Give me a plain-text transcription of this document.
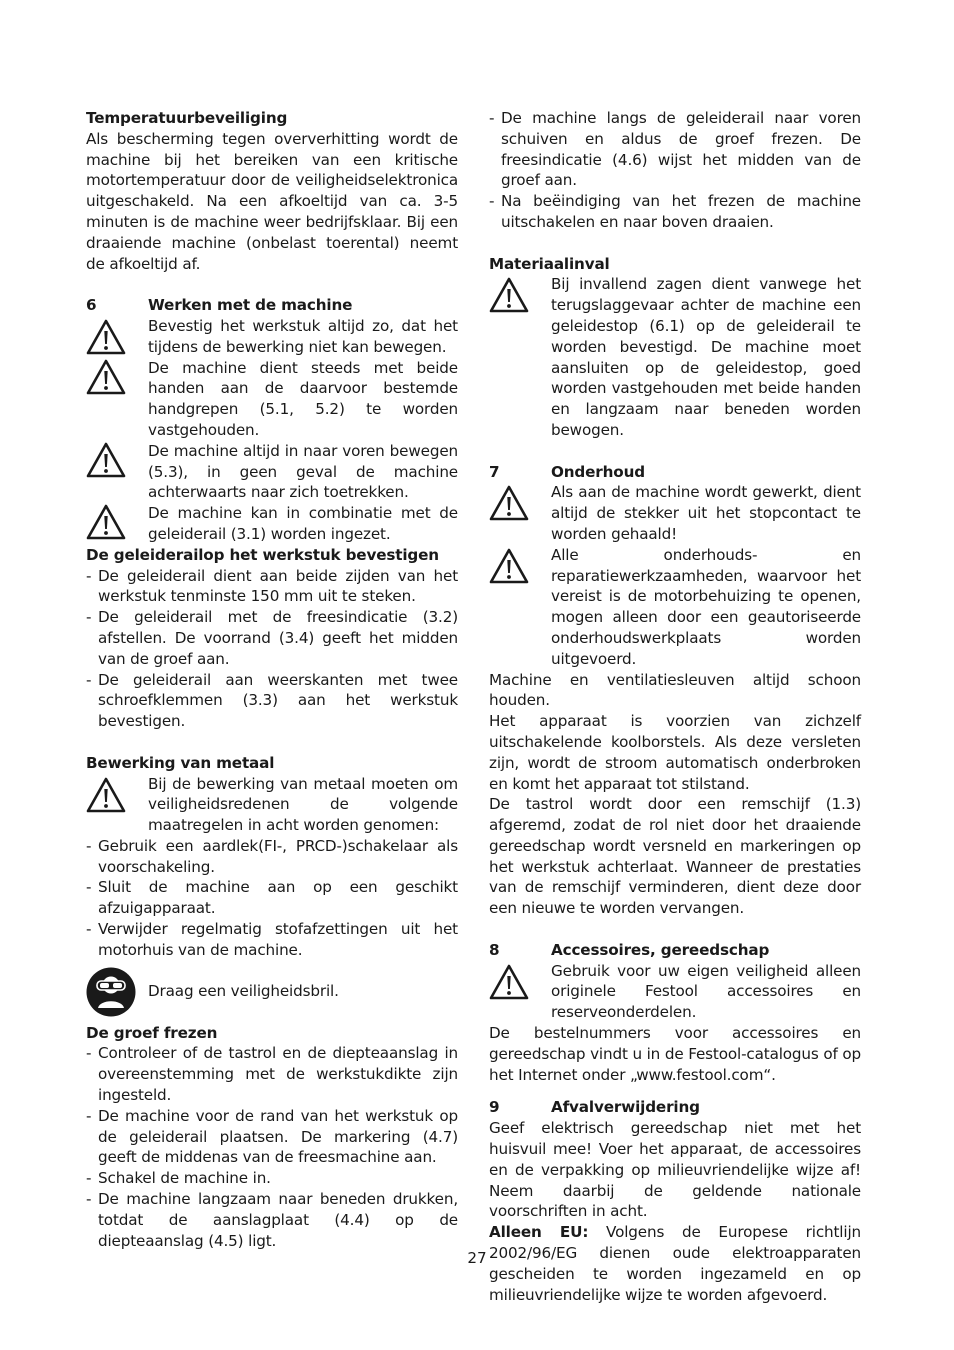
Temperatuurbeveiliging

Als bescherming tegen oververhitting wordt de machine bij het bereiken van een kritische motortemperatuur door de veiligheidselektronica uitgeschakeld. Na een afkoeltijd van ca. 3-5 minuten is de machine weer bedrijfsklaar. Bij een draaiende machine (onbelast toerental) neemt de afkoeltijd af.

6	Werken met de machine

Bevestig het werkstuk altijd zo, dat het tijdens de bewerking niet kan bewegen.

De machine dient steeds met beide handen aan de daarvoor bestemde handgrepen (5.1, 5.2) te worden vastgehouden.

De machine altijd in naar voren bewegen (5.3), in geen geval de machine achterwaarts naar zich toetrekken.

De machine kan in combinatie met de geleiderail (3.1) worden ingezet.

De geleiderailop het werkstuk bevestigen

- De geleiderail dient aan beide zijden van het werkstuk tenminste 150 mm uit te steken.
- De geleiderail met de freesindicatie (3.2) afstellen. De voorrand (3.4) geeft het midden van de groef aan.
- De geleiderail aan weerskanten met twee schroefklemmen (3.3) aan het werkstuk bevestigen.

Bewerking van metaal

Bij de bewerking van metaal moeten om veiligheidsredenen de volgende maatregelen in acht worden genomen:

- Gebruik een aardlek(FI-, PRCD-)schakelaar als voorschakeling.
- Sluit de machine aan op een geschikt afzuigapparaat.
- Verwijder regelmatig stofafzettingen uit het motorhuis van de machine.

Draag een veiligheidsbril.

De groef frezen

- Controleer of de tastrol en de diepteaanslag in overeenstemming met de werkstukdikte zijn ingesteld.
- De machine voor de rand van het werkstuk op de geleiderail plaatsen. De markering (4.7) geeft de middenas van de freesmachine aan.
- Schakel de machine in.
- De machine langzaam naar beneden drukken, totdat de aanslagplaat (4.4) op de diepteaanslag (4.5) ligt.
- De machine langs de geleiderail naar voren schuiven en aldus de groef frezen. De freesindicatie (4.6) wijst het midden van de groef aan.
- Na beëindiging van het frezen de machine uitschakelen en naar boven draaien.

Materiaalinval

Bij invallend zagen dient vanwege het terugslaggevaar achter de machine een geleidestop (6.1) op de geleiderail te worden bevestigd. De machine moet aansluiten op de geleidestop, goed worden vastgehouden met beide handen en langzaam naar beneden worden bewogen.

7	Onderhoud

Als aan de machine wordt gewerkt, dient altijd de stekker uit het stopcontact te worden gehaald!

Alle onderhouds- en reparatiewerkzaamheden, waarvoor het vereist is de motorbehuizing te openen, mogen alleen door een geautoriseerde onderhoudswerkplaats worden uitgevoerd.

Machine en ventilatiesleuven altijd schoon houden.

Het apparaat is voorzien van zichzelf uitschakelende koolborstels. Als deze versleten zijn, wordt de stroom automatisch onderbroken en komt het apparaat tot stilstand.

De tastrol wordt door een remschijf (1.3) afgeremd, zodat de rol niet door het draaiende gereedschap wordt versneld en markeringen op het werkstuk achterlaat. Wanneer de prestaties van de remschijf verminderen, dient deze door een nieuwe te worden vervangen.

8	Accessoires, gereedschap

Gebruik voor uw eigen veiligheid alleen originele Festool accessoires en reserveonderdelen.

De bestelnummers voor accessoires en gereedschap vindt u in de Festool-catalogus of op het Internet onder „www.festool.com“.

9	Afvalverwijdering

Geef elektrisch gereedschap niet met het huisvuil mee! Voer het apparaat, de accessoires en de verpakking op milieuvriendelijke wijze af! Neem daarbij de geldende nationale voorschriften in acht.

Alleen EU: Volgens de Europese richtlijn 2002/96/EG dienen oude elektroapparaten gescheiden te worden ingezameld en op milieuvriendelijke wijze te worden afgevoerd.

27
